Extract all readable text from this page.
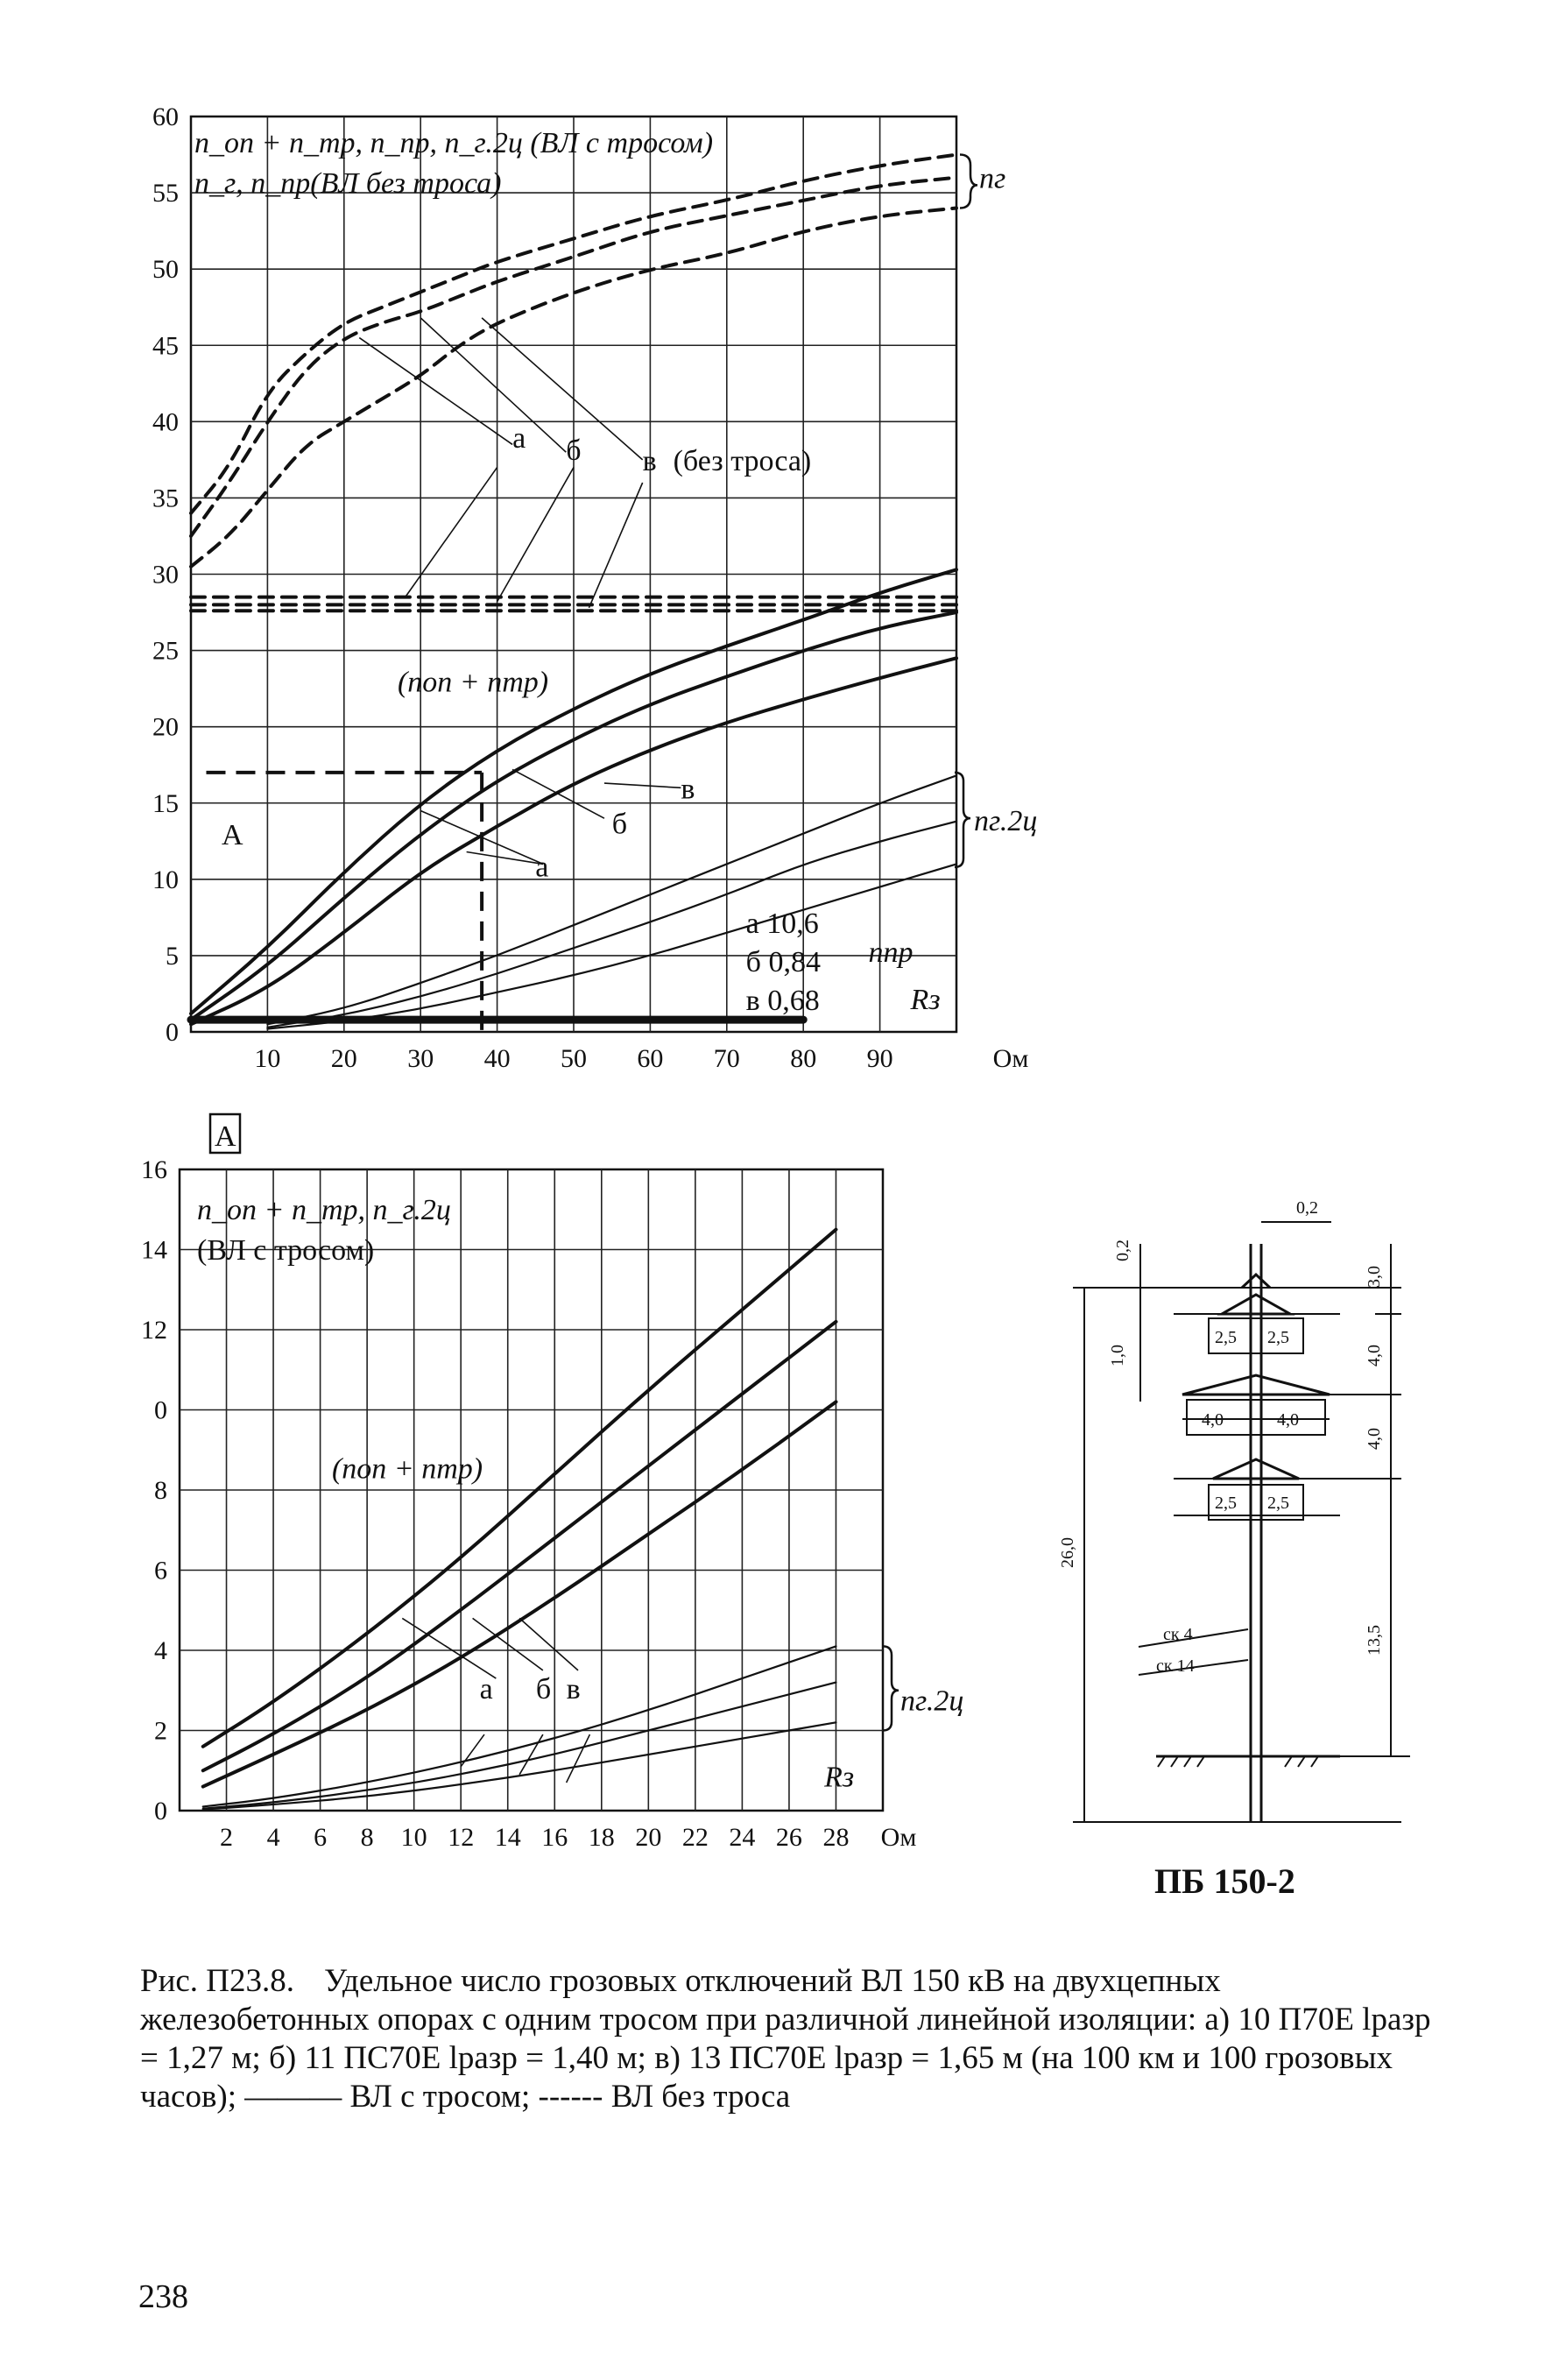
10 20 30 40 50 60 70 80 90	Ом
0
5
10
15
20
25
30
35
40
45
50
55
60
n_оп + n_тр, n_пр, n_г.2ц (ВЛ с тросом)
n_г, n_пр(ВЛ без троса)
А
nг
а б в (без троса)
(nоп + nтр)
б
в
а
nг.2ц
а 10,6
б 0,84
в 0,68
nпр
Rз
2 4 6 8 10 12 14 16 18 20 22 24 26 28 Ом
0
2
4
6
8
0
12
14
16
А
n_оп + n_тр, n_г.2ц
(ВЛ с тросом)
(nоп + nтр)
а б в	nг.2ц
Rз
0,2
0,2
3,0
1,0
2,5 2,5
4,0
4,0	4,0
4,0
2,5 2,5
26,0
13,5
ск 4
ск 14
ПБ 150-2
Рис. П23.8. Удельное число грозовых отключений ВЛ 150 кВ на двухцепных железобетонных опорах с одним тросом при различной линейной изоляции: а) 10 П70Е lразр = 1,27 м; б) 11 ПС70Е lразр = 1,40 м; в) 13 ПС70Е lразр = 1,65 м (на 100 км и 100 грозовых часов); ——— ВЛ с тросом; ------ ВЛ без троса
238
